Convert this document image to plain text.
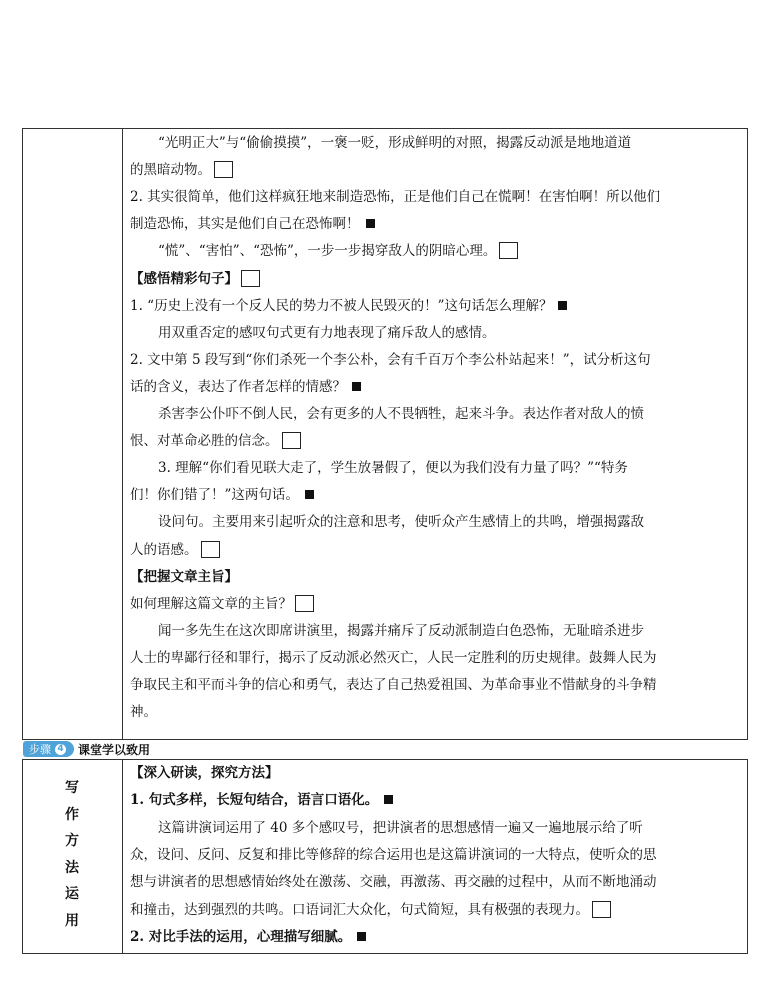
“光明正大”与“偷偷摸摸”，一褒一贬，形成鲜明的对照，揭露反动派是地地道道
的黑暗动物。
2. 其实很简单，他们这样疯狂地来制造恐怖，正是他们自己在慌啊！在害怕啊！所以他们
制造恐怖，其实是他们自己在恐怖啊！
“慌”、“害怕”、“恐怖”，一步一步揭穿敌人的阴暗心理。
【感悟精彩句子】
1. “历史上没有一个反人民的势力不被人民毁灭的！”这句话怎么理解？
用双重否定的感叹句式更有力地表现了痛斥敌人的感情。
2. 文中第 5 段写到“你们杀死一个李公朴，会有千百万个李公朴站起来！”，试分析这句
话的含义，表达了作者怎样的情感？
杀害李公仆吓不倒人民，会有更多的人不畏牺牲，起来斗争。表达作者对敌人的愤
恨、对革命必胜的信念。
3. 理解“你们看见联大走了，学生放暑假了，便以为我们没有力量了吗？”“特务
们！你们错了！”这两句话。
设问句。主要用来引起听众的注意和思考，使听众产生感情上的共鸣，增强揭露敌
人的语感。
【把握文章主旨】
如何理解这篇文章的主旨？
闻一多先生在这次即席讲演里，揭露并痛斥了反动派制造白色恐怖，无耻暗杀进步
人士的卑鄙行径和罪行，揭示了反动派必然灭亡，人民一定胜利的历史规律。鼓舞人民为
争取民主和平而斗争的信心和勇气，表达了自己热爱祖国、为革命事业不惜献身的斗争精
神。
步骤 4 课堂学以致用
写
作
方
法
运
用
【深入研读，探究方法】
1. 句式多样，长短句结合，语言口语化。
这篇讲演词运用了 40 多个感叹号，把讲演者的思想感情一遍又一遍地展示给了听
众，设问、反问、反复和排比等修辞的综合运用也是这篇讲演词的一大特点，使听众的思
想与讲演者的思想感情始终处在激荡、交融，再激荡、再交融的过程中，从而不断地涌动
和撞击，达到强烈的共鸣。口语词汇大众化，句式简短，具有极强的表现力。
2. 对比手法的运用，心理描写细腻。
